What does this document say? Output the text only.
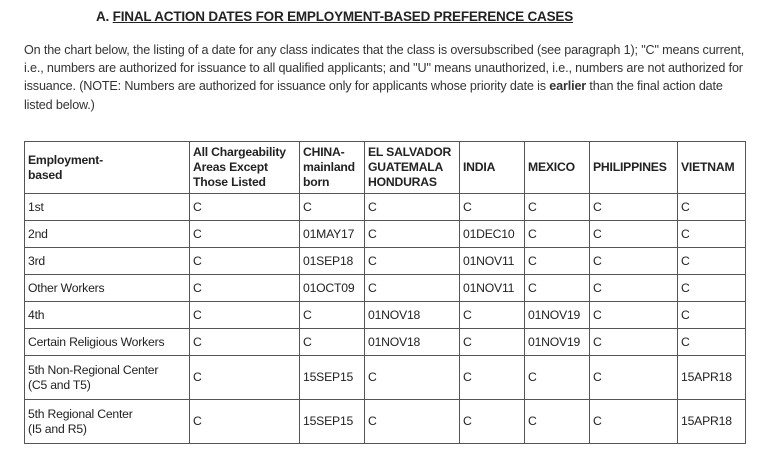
A. FINAL ACTION DATES FOR EMPLOYMENT-BASED PREFERENCE CASES

On the chart below, the listing of a date for any class indicates that the class is oversubscribed (see paragraph 1); "C" means current, i.e., numbers are authorized for issuance to all qualified applicants; and "U" means unauthorized, i.e., numbers are not authorized for issuance. (NOTE: Numbers are authorized for issuance only for applicants whose priority date is earlier than the final action date listed below.)

Employment-
based	All Chargeability
Areas Except
Those Listed	CHINA-
mainland
born	EL SALVADOR
GUATEMALA
HONDURAS	INDIA	MEXICO	PHILIPPINES	VIETNAM
1st	C	C	C	C	C	C	C
2nd	C	01MAY17	C	01DEC10	C	C	C
3rd	C	01SEP18	C	01NOV11	C	C	C
Other Workers	C	01OCT09	C	01NOV11	C	C	C
4th	C	C	01NOV18	C	01NOV19	C	C
Certain Religious Workers	C	C	01NOV18	C	01NOV19	C	C
5th Non-Regional Center
(C5 and T5)	C	15SEP15	C	C	C	C	15APR18
5th Regional Center
(I5 and R5)	C	15SEP15	C	C	C	C	15APR18
